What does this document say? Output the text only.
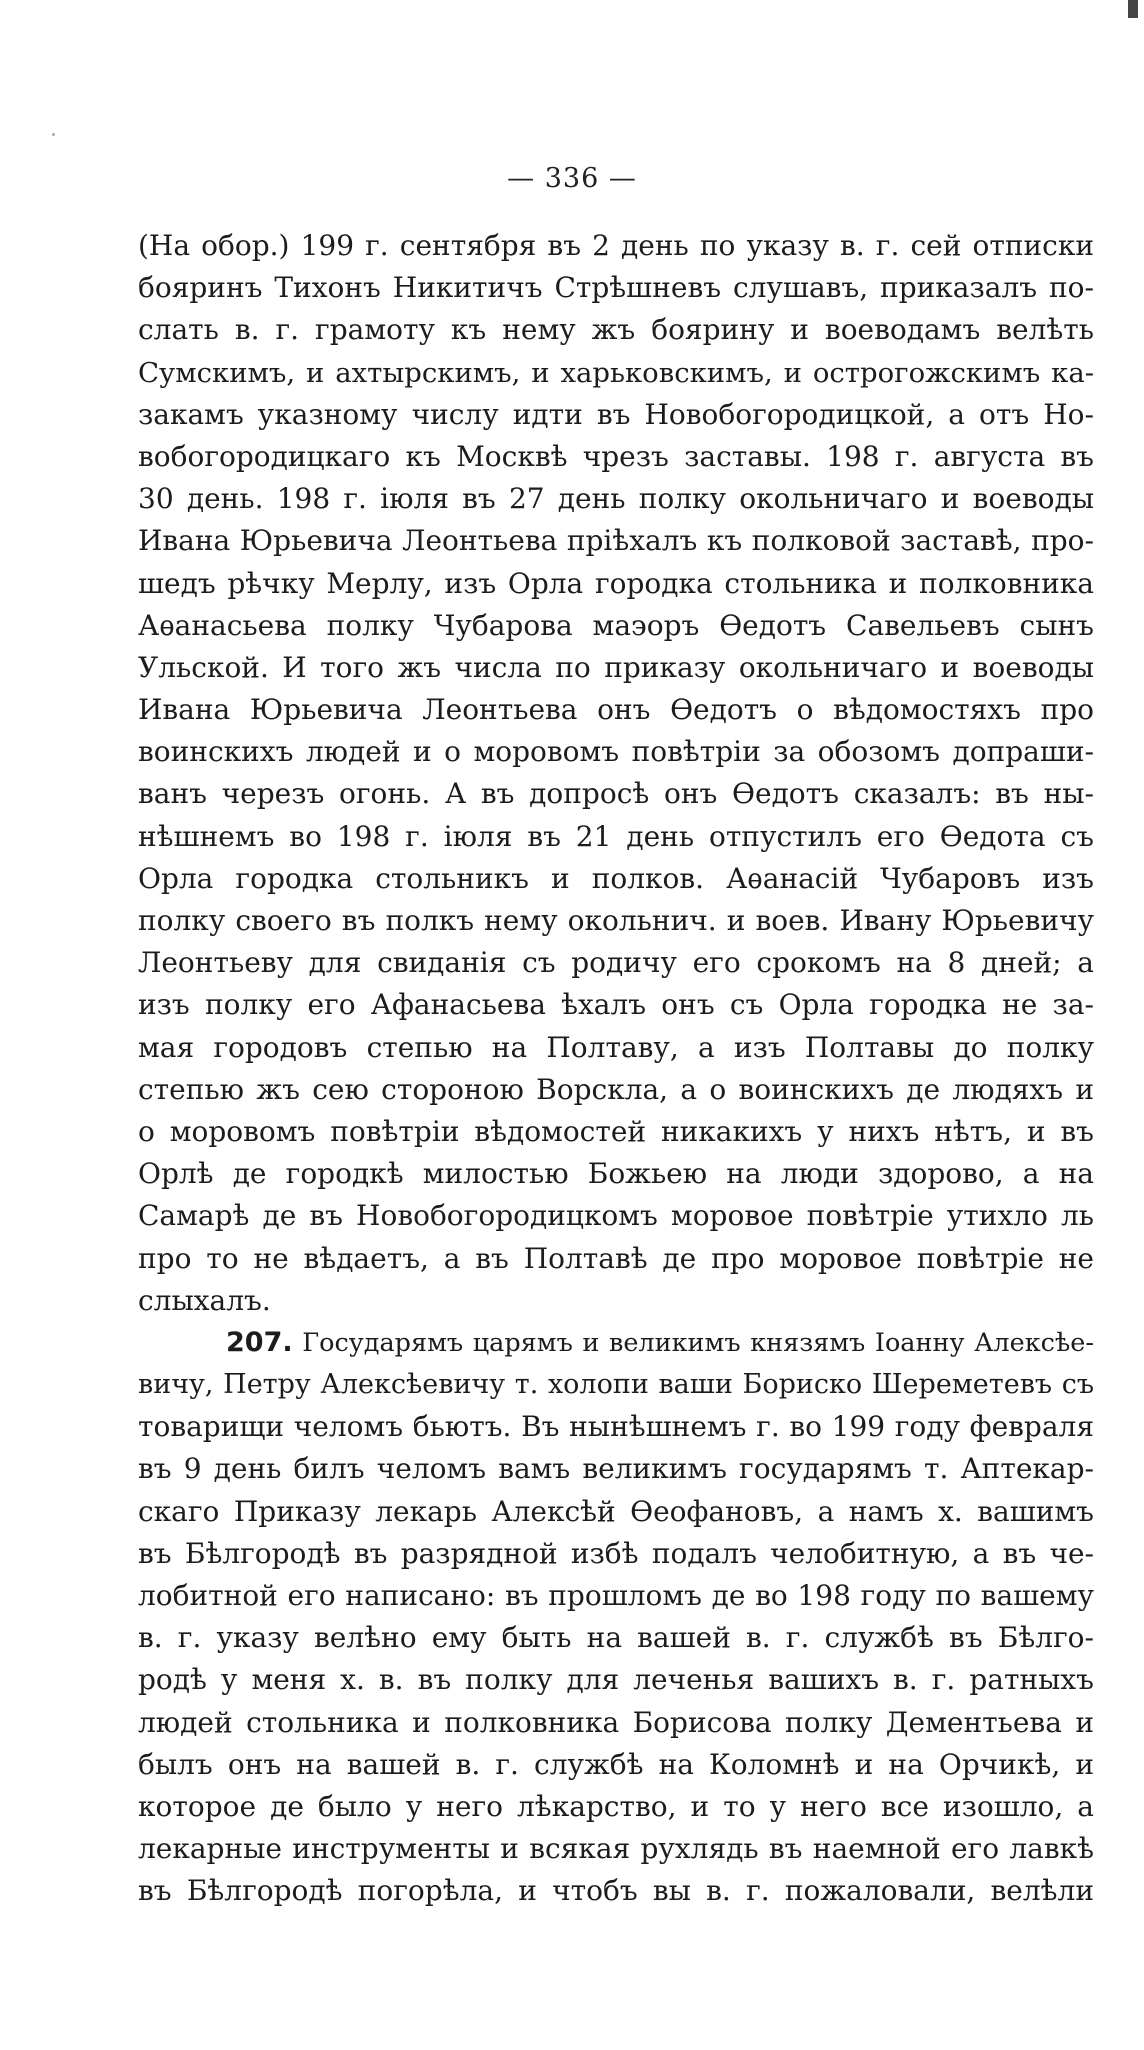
— 336 —
(На обор.) 199 г. сентября въ 2 день по указу в. г. сей отписки
бояринъ Тихонъ Никитичъ Стрѣшневъ слушавъ, приказалъ по-
слать в. г. грамоту къ нему жъ боярину и воеводамъ велѣть
Сумскимъ, и ахтырскимъ, и харьковскимъ, и острогожскимъ ка-
закамъ указному числу идти въ Новобогородицкой, а отъ Но-
вобогородицкаго къ Москвѣ чрезъ заставы. 198 г. августа въ
30 день. 198 г. іюля въ 27 день полку окольничаго и воеводы
Ивана Юрьевича Леонтьева пріѣхалъ къ полковой заставѣ, про-
шедъ рѣчку Мерлу, изъ Орла городка стольника и полковника
Аѳанасьева полку Чубарова маэоръ Ѳедотъ Савельевъ сынъ
Ульской. И того жъ числа по приказу окольничаго и воеводы
Ивана Юрьевича Леонтьева онъ Ѳедотъ о вѣдомостяхъ про
воинскихъ людей и о моровомъ повѣтріи за обозомъ допраши-
ванъ черезъ огонь. А въ допросѣ онъ Ѳедотъ сказалъ: въ ны-
нѣшнемъ во 198 г. іюля въ 21 день отпустилъ его Ѳедота съ
Орла городка стольникъ и полков. Аѳанасій Чубаровъ изъ
полку своего въ полкъ нему окольнич. и воев. Ивану Юрьевичу
Леонтьеву для свиданія съ родичу его срокомъ на 8 дней; а
изъ полку его Афанасьева ѣхалъ онъ съ Орла городка не за-
мая городовъ степью на Полтаву, а изъ Полтавы до полку
степью жъ сею стороною Ворскла, а о воинскихъ де людяхъ и
о моровомъ повѣтріи вѣдомостей никакихъ у нихъ нѣтъ, и въ
Орлѣ де городкѣ милостью Божьею на люди здорово, а на
Самарѣ де въ Новобогородицкомъ моровое повѣтріе утихло ль
про то не вѣдаетъ, а въ Полтавѣ де про моровое повѣтріе не
слыхалъ.
207. Государямъ царямъ и великимъ князямъ Іоанну Алексѣе-
вичу, Петру Алексѣевичу т. холопи ваши Бориско Шереметевъ съ
товарищи челомъ бьютъ. Въ нынѣшнемъ г. во 199 году февраля
въ 9 день билъ челомъ вамъ великимъ государямъ т. Аптекар-
скаго Приказу лекарь Алексѣй Ѳеофановъ, а намъ х. вашимъ
въ Бѣлгородѣ въ разрядной избѣ подалъ челобитную, а въ че-
лобитной его написано: въ прошломъ де во 198 году по вашему
в. г. указу велѣно ему быть на вашей в. г. службѣ въ Бѣлго-
родѣ у меня х. в. въ полку для леченья вашихъ в. г. ратныхъ
людей стольника и полковника Борисова полку Дементьева и
былъ онъ на вашей в. г. службѣ на Коломнѣ и на Орчикѣ, и
которое де было у него лѣкарство, и то у него все изошло, а
лекарные инструменты и всякая рухлядь въ наемной его лавкѣ
въ Бѣлгородѣ погорѣла, и чтобъ вы в. г. пожаловали, велѣли
